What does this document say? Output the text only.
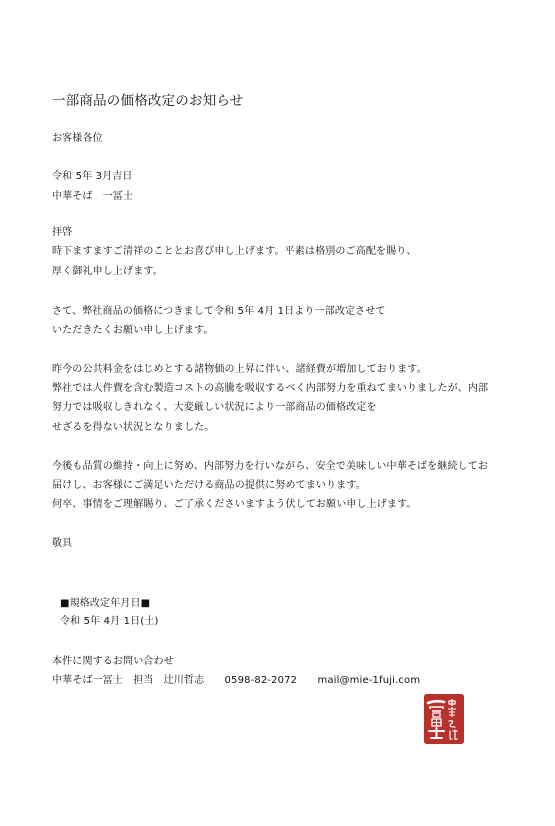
一部商品の価格改定のお知らせ
お客様各位
令和 5年 3月吉日
中華そば　一冨士
拝啓
時下ますますご清祥のこととお喜び申し上げます。平素は格別のご高配を賜り、
厚く御礼申し上げます。
さて、弊社商品の価格につきまして令和 5年 4月 1日より一部改定させて
いただきたくお願い申し上げます。
昨今の公共料金をはじめとする諸物価の上昇に伴い、諸経費が増加しております。
弊社では人件費を含む製造コストの高騰を吸収するべく内部努力を重ねてまいりましたが、内部
努力では吸収しきれなく、大変厳しい状況により一部商品の価格改定を
せざるを得ない状況となりました。
今後も品質の維持・向上に努め、内部努力を行いながら、安全で美味しい中華そばを継続してお
届けし、お客様にご満足いただける商品の提供に努めてまいります。
何卒、事情をご理解賜り、ご了承くださいますよう伏してお願い申し上げます。
敬具
■規格改定年月日■
令和 5年 4月 1日(土)
本件に関するお問い合わせ
中華そば一冨士　担当　辻川哲志　　0598-82-2072　　mail@mie-1fuji.com
